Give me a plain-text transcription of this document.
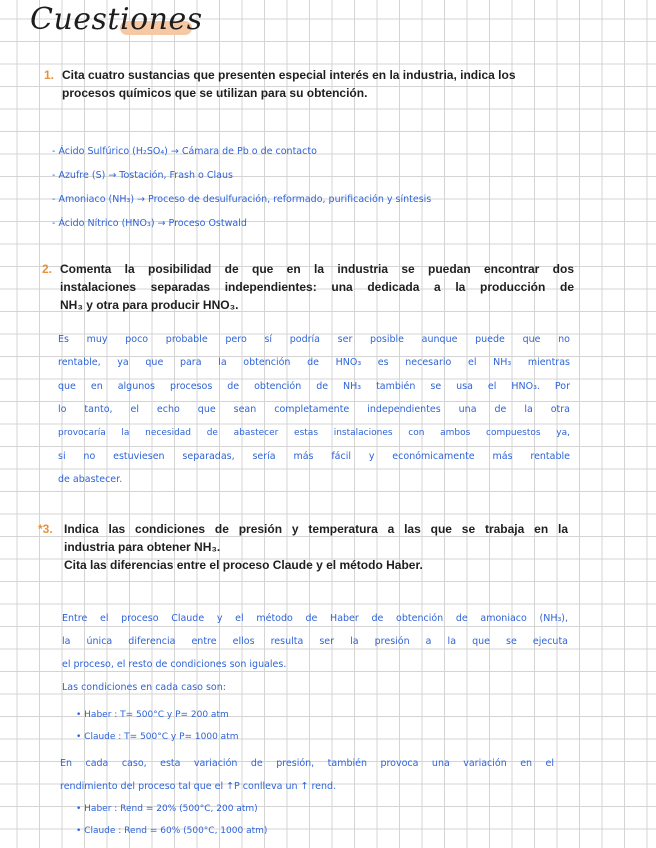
Cuestiones
1. Cita cuatro sustancias que presenten especial interés en la industria, indica los
procesos químicos que se utilizan para su obtención.
- Ácido Sulfúrico (H₂SO₄) → Cámara de Pb o de contacto
- Azufre (S) → Tostación, Frash o Claus
- Amoniaco (NH₃) → Proceso de desulfuración, reformado, purificación y síntesis
- Ácido Nítrico (HNO₃) → Proceso Ostwald
2. Comenta la posibilidad de que en la industria se puedan encontrar dos
instalaciones separadas independientes: una dedicada a la producción de
NH₃ y otra para producir HNO₃.
Es muy poco probable pero sí podría ser posible aunque puede que no
rentable, ya que para la obtención de HNO₃ es necesario el NH₃ mientras
que en algunos procesos de obtención de NH₃ también se usa el HNO₃. Por
lo tanto, el echo que sean completamente independientes una de la otra
provocaría la necesidad de abastecer estas instalaciones con ambos compuestos ya,
si no estuviesen separadas, sería más fácil y económicamente más rentable
de abastecer.
*3. Indica las condiciones de presión y temperatura a las que se trabaja en la
industria para obtener NH₃.
Cita las diferencias entre el proceso Claude y el método Haber.
Entre el proceso Claude y el método de Haber de obtención de amoniaco (NH₃),
la única diferencia entre ellos resulta ser la presión a la que se ejecuta
el proceso, el resto de condiciones son iguales.
Las condiciones en cada caso son:
• Haber : T= 500°C y P= 200 atm
• Claude : T= 500°C y P= 1000 atm
En cada caso, esta variación de presión, también provoca una variación en el
rendimiento del proceso tal que el ↑P conlleva un ↑ rend.
• Haber : Rend = 20% (500°C, 200 atm)
• Claude : Rend = 60% (500°C, 1000 atm)
